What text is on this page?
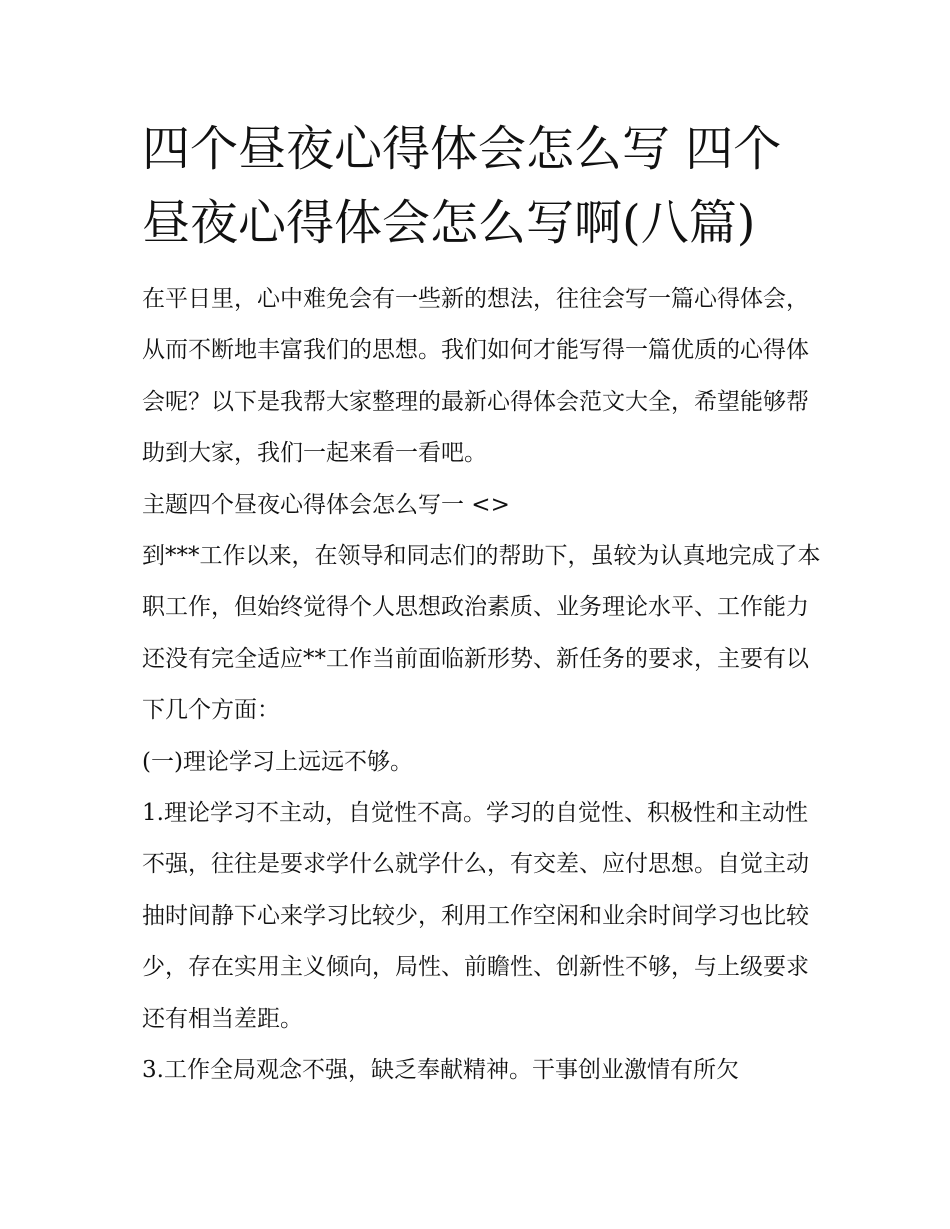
四个昼夜心得体会怎么写 四个昼夜心得体会怎么写啊(八篇)

在平日里，心中难免会有一些新的想法，往往会写一篇心得体会，从而不断地丰富我们的思想。我们如何才能写得一篇优质的心得体会呢？以下是我帮大家整理的最新心得体会范文大全，希望能够帮助到大家，我们一起来看一看吧。

主题四个昼夜心得体会怎么写一 <>

到***工作以来，在领导和同志们的帮助下，虽较为认真地完成了本职工作，但始终觉得个人思想政治素质、业务理论水平、工作能力还没有完全适应**工作当前面临新形势、新任务的要求，主要有以下几个方面：

(一)理论学习上远远不够。

1.理论学习不主动，自觉性不高。学习的自觉性、积极性和主动性不强，往往是要求学什么就学什么，有交差、应付思想。自觉主动抽时间静下心来学习比较少，利用工作空闲和业余时间学习也比较少，存在实用主义倾向，局性、前瞻性、创新性不够，与上级要求还有相当差距。

3.工作全局观念不强，缺乏奉献精神。干事创业激情有所欠
